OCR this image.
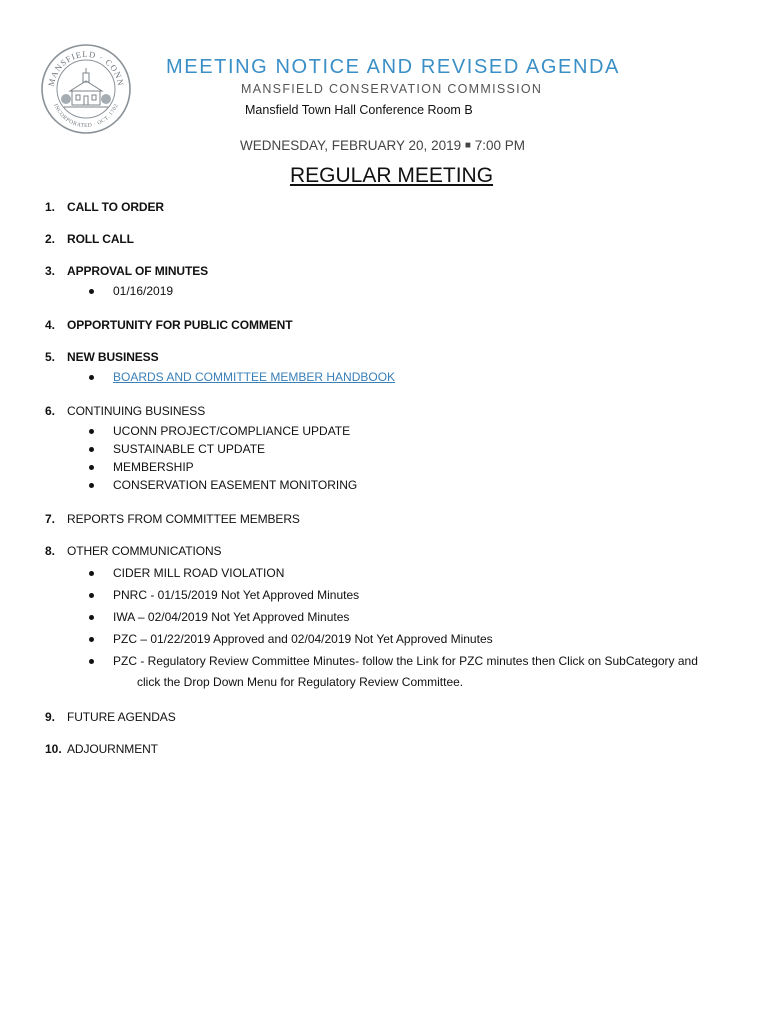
MANSFIELD · CONN
INCORPORATED · OCT. 1702
MEETING NOTICE AND REVISED AGENDA
MANSFIELD CONSERVATION COMMISSION
Mansfield Town Hall Conference Room B
WEDNESDAY, FEBRUARY 20, 2019 ■ 7:00 PM
REGULAR MEETING
1. CALL TO ORDER
2. ROLL CALL
3. APPROVAL OF MINUTES
01/16/2019
4. OPPORTUNITY FOR PUBLIC COMMENT
5. NEW BUSINESS
BOARDS AND COMMITTEE MEMBER HANDBOOK
6. CONTINUING BUSINESS
UCONN PROJECT/COMPLIANCE UPDATE
SUSTAINABLE CT UPDATE
MEMBERSHIP
CONSERVATION EASEMENT MONITORING
7. REPORTS FROM COMMITTEE MEMBERS
8. OTHER COMMUNICATIONS
CIDER MILL ROAD VIOLATION
PNRC - 01/15/2019 Not Yet Approved Minutes
IWA – 02/04/2019 Not Yet Approved Minutes
PZC – 01/22/2019 Approved and 02/04/2019 Not Yet Approved Minutes
PZC - Regulatory Review Committee Minutes- follow the Link for PZC minutes then Click on SubCategory and
click the Drop Down Menu for Regulatory Review Committee.
9. FUTURE AGENDAS
10. ADJOURNMENT
